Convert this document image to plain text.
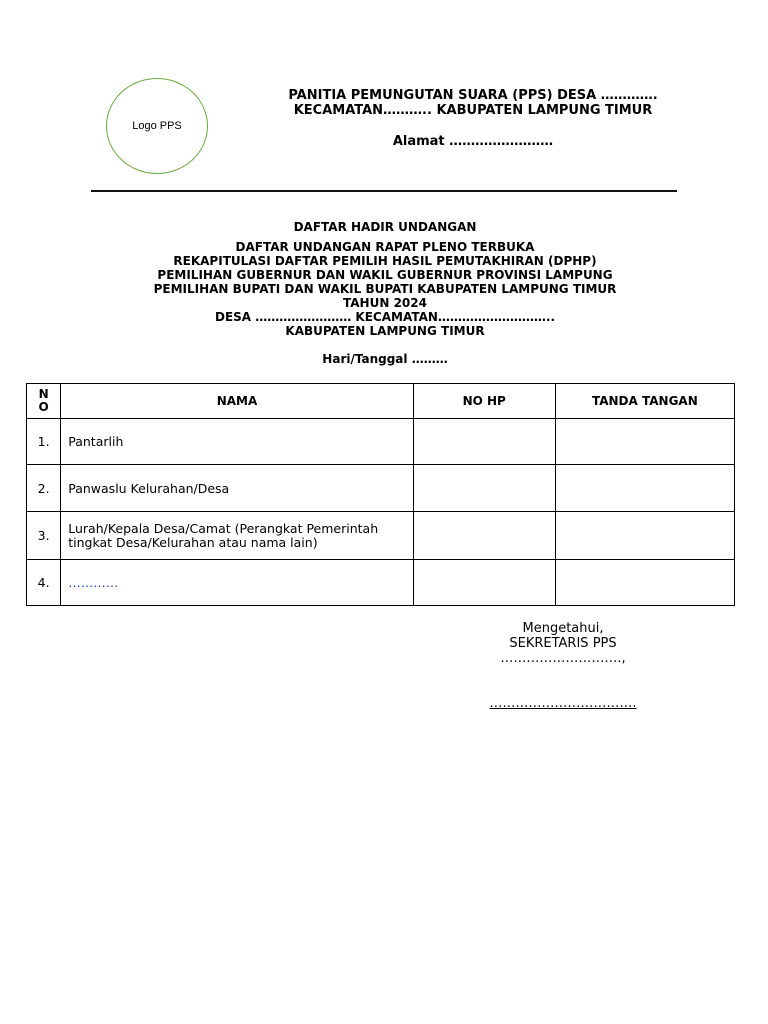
Logo PPS
PANITIA PEMUNGUTAN SUARA (PPS) DESA ………….
KECAMATAN……….. KABUPATEN LAMPUNG TIMUR
Alamat ……………………
DAFTAR HADIR UNDANGAN
DAFTAR UNDANGAN RAPAT PLENO TERBUKA
REKAPITULASI DAFTAR PEMILIH HASIL PEMUTAKHIRAN (DPHP)
PEMILIHAN GUBERNUR DAN WAKIL GUBERNUR PROVINSI LAMPUNG
PEMILIHAN BUPATI DAN WAKIL BUPATI KABUPATEN LAMPUNG TIMUR
TAHUN 2024
DESA …………………… KECAMATAN………………………..
KABUPATEN LAMPUNG TIMUR
Hari/Tanggal ………
N
O	NAMA	NO HP	TANDA TANGAN
1.	Pantarlih		
2.	Panwaslu Kelurahan/Desa		
3.	Lurah/Kepala Desa/Camat (Perangkat Pemerintah tingkat Desa/Kelurahan atau nama lain)		
4.	…………		
Mengetahui,
SEKRETARIS PPS
……………………….,
…………………………….
